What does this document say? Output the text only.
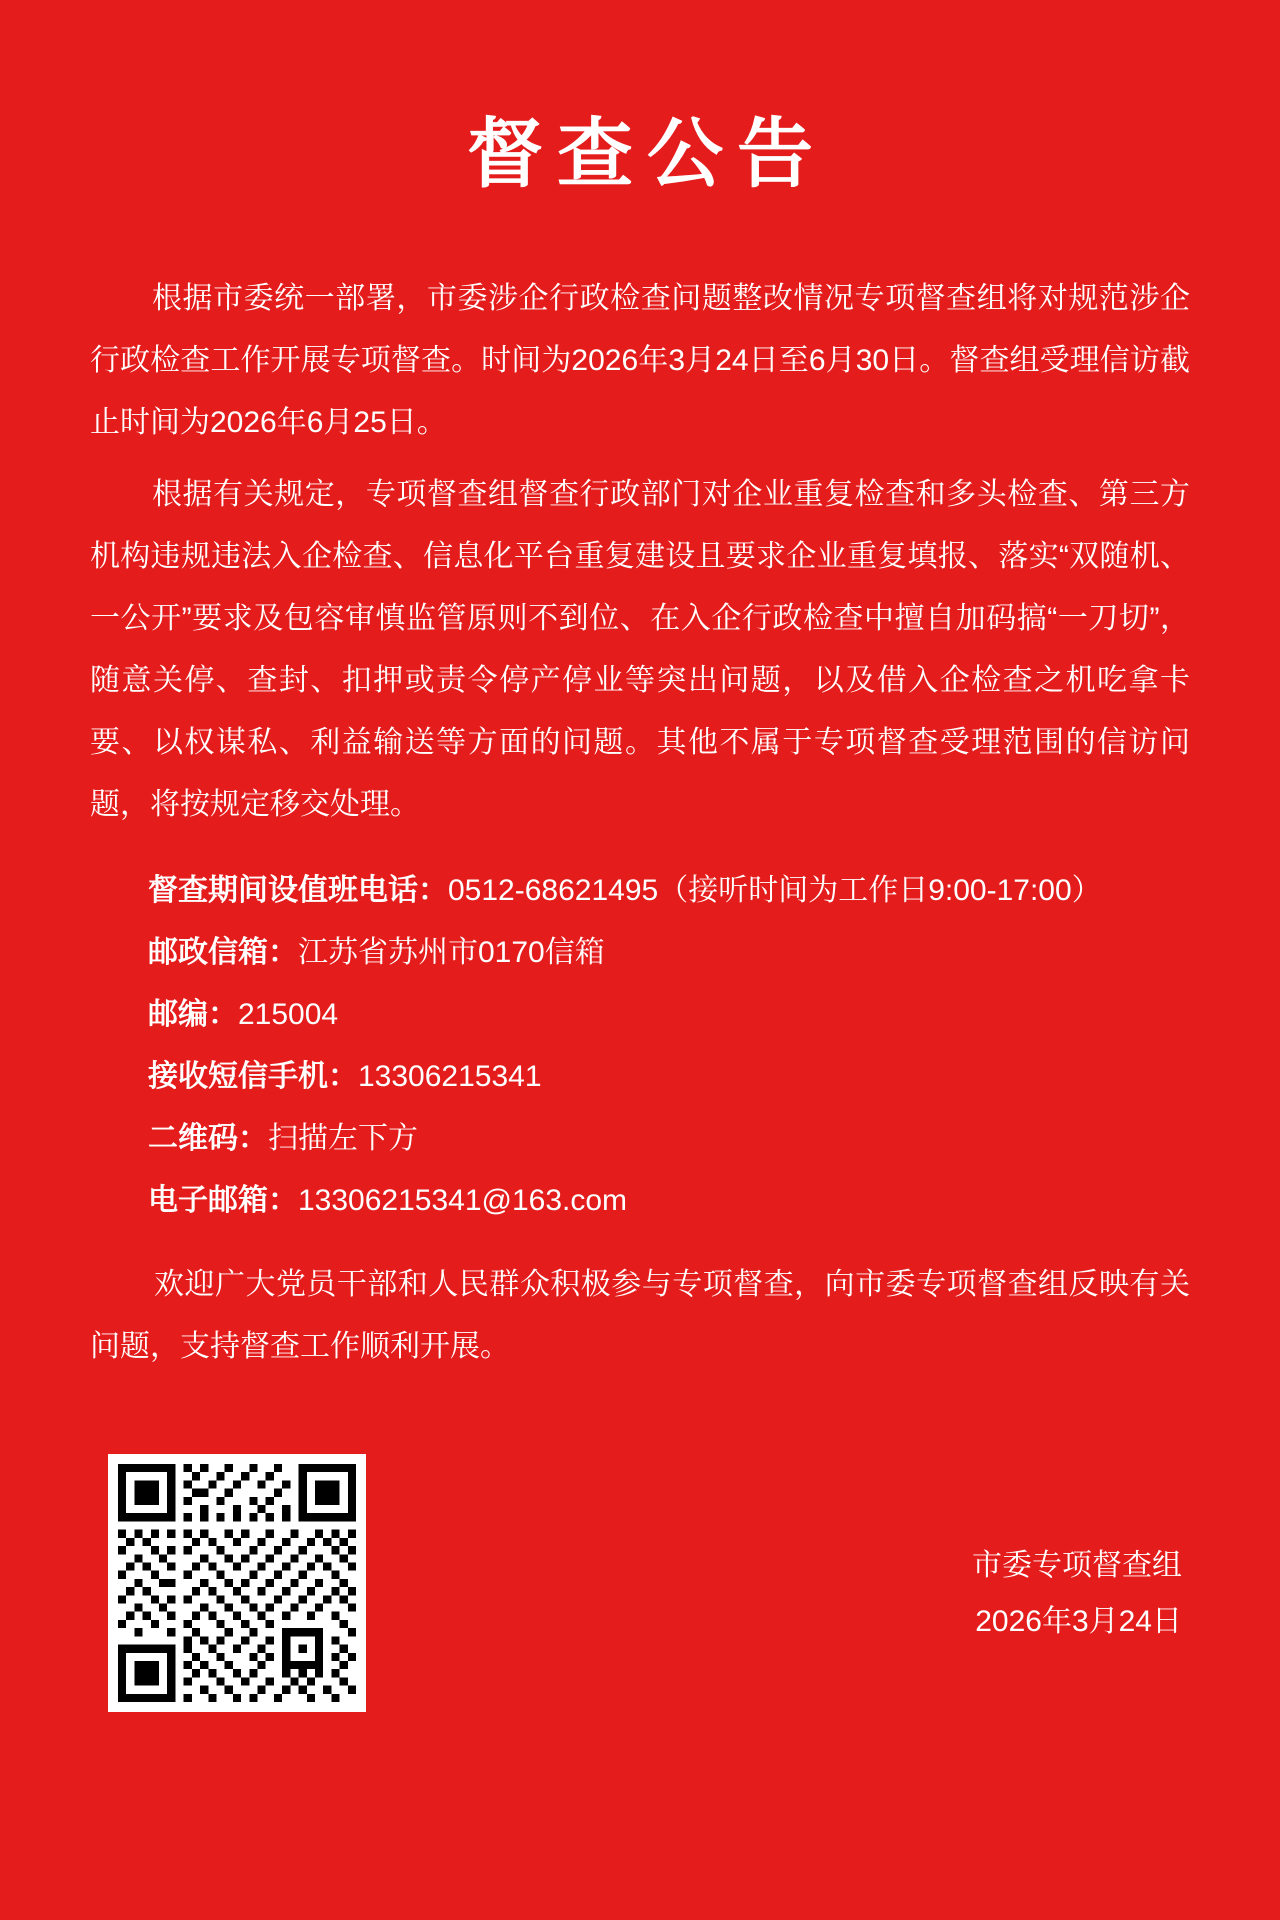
督查公告

根据市委统一部署，市委涉企行政检查问题整改情况专项督查组将对规范涉企行政检查工作开展专项督查。时间为2026年3月24日至6月30日。督查组受理信访截止时间为2026年6月25日。

根据有关规定，专项督查组督查行政部门对企业重复检查和多头检查、第三方机构违规违法入企检查、信息化平台重复建设且要求企业重复填报、落实“双随机、一公开”要求及包容审慎监管原则不到位、在入企行政检查中擅自加码搞“一刀切”，随意关停、查封、扣押或责令停产停业等突出问题，以及借入企检查之机吃拿卡要、以权谋私、利益输送等方面的问题。其他不属于专项督查受理范围的信访问题，将按规定移交处理。

督查期间设值班电话：0512-68621495（接听时间为工作日9:00-17:00）
邮政信箱：江苏省苏州市0170信箱
邮编：215004
接收短信手机：13306215341
二维码：扫描左下方
电子邮箱：13306215341@163.com

欢迎广大党员干部和人民群众积极参与专项督查，向市委专项督查组反映有关问题，支持督查工作顺利开展。

市委专项督查组
2026年3月24日
